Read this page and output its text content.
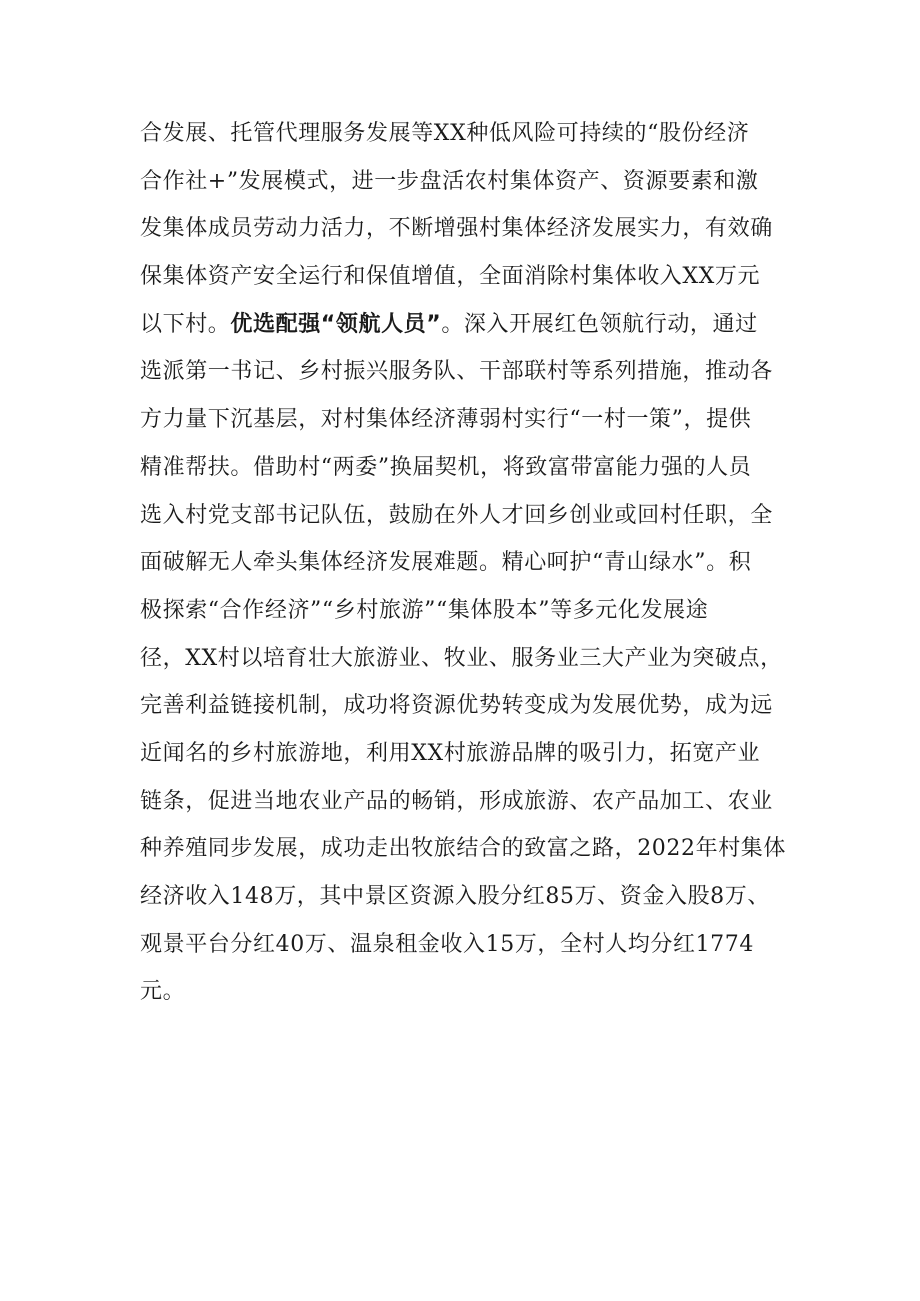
合发展、托管代理服务发展等XX种低风险可持续的“股份经济
合作社+”发展模式，进一步盘活农村集体资产、资源要素和激
发集体成员劳动力活力，不断增强村集体经济发展实力，有效确
保集体资产安全运行和保值增值，全面消除村集体收入XX万元
以下村。优选配强“领航人员”。深入开展红色领航行动，通过
选派第一书记、乡村振兴服务队、干部联村等系列措施，推动各
方力量下沉基层，对村集体经济薄弱村实行“一村一策”，提供
精准帮扶。借助村“两委”换届契机，将致富带富能力强的人员
选入村党支部书记队伍，鼓励在外人才回乡创业或回村任职，全
面破解无人牵头集体经济发展难题。精心呵护“青山绿水”。积
极探索“合作经济”“乡村旅游”“集体股本”等多元化发展途
径，XX村以培育壮大旅游业、牧业、服务业三大产业为突破点，
完善利益链接机制，成功将资源优势转变成为发展优势，成为远
近闻名的乡村旅游地，利用XX村旅游品牌的吸引力，拓宽产业
链条，促进当地农业产品的畅销，形成旅游、农产品加工、农业
种养殖同步发展，成功走出牧旅结合的致富之路，2022年村集体
经济收入148万，其中景区资源入股分红85万、资金入股8万、
观景平台分红40万、温泉租金收入15万，全村人均分红1774
元。
